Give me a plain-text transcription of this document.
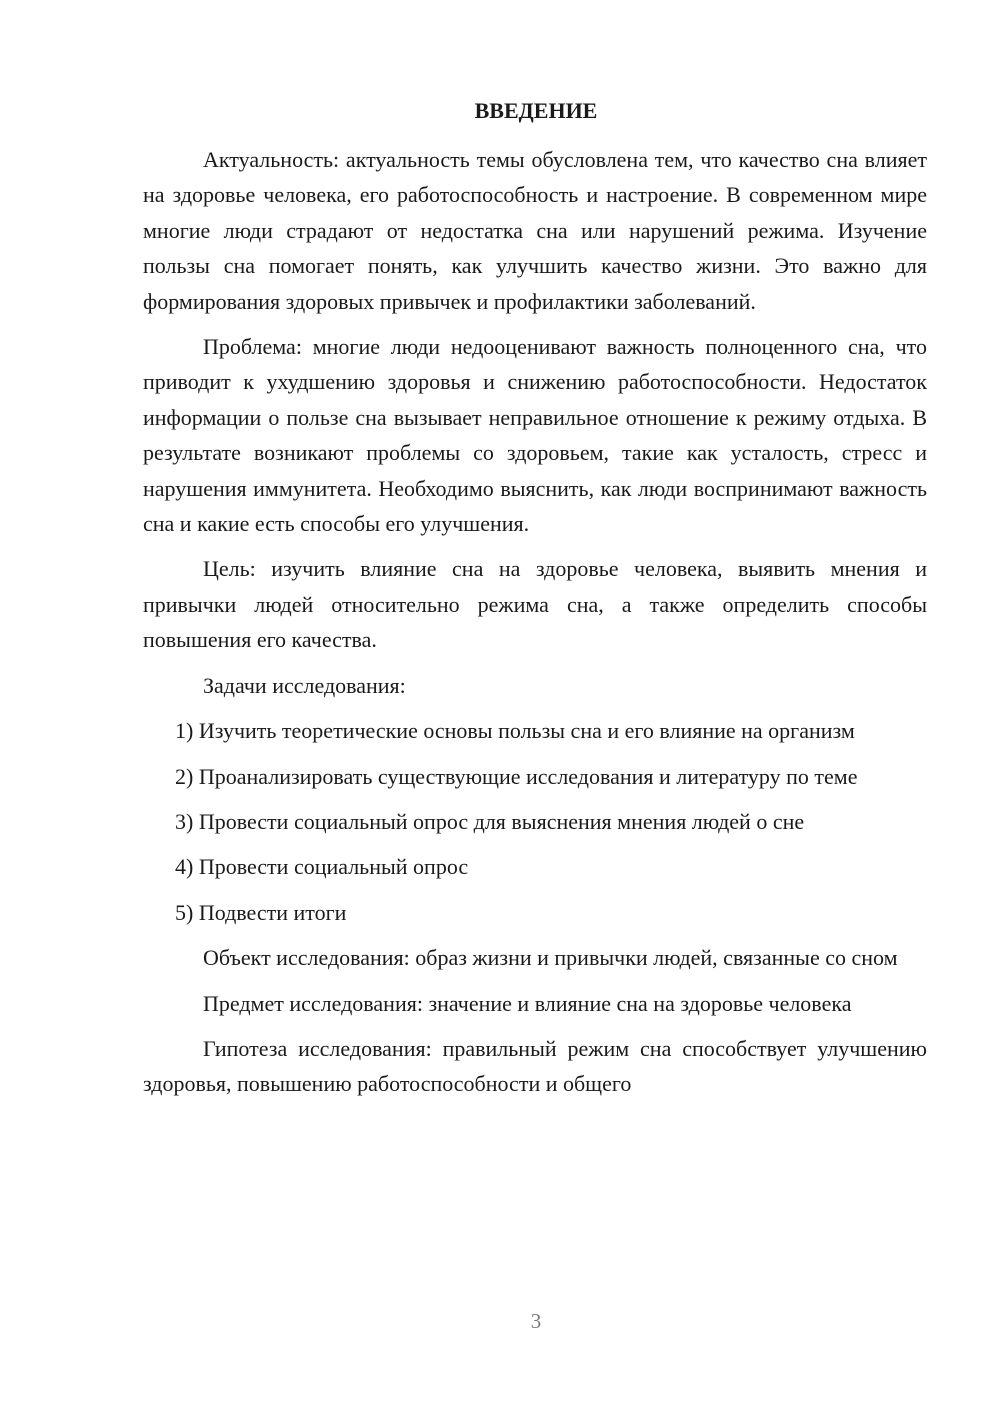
ВВЕДЕНИЕ

Актуальность: актуальность темы обусловлена тем, что качество сна влияет на здоровье человека, его работоспособность и настроение. В современном мире многие люди страдают от недостатка сна или нарушений режима. Изучение пользы сна помогает понять, как улучшить качество жизни. Это важно для формирования здоровых привычек и профилактики заболеваний.

Проблема: многие люди недооценивают важность полноценного сна, что приводит к ухудшению здоровья и снижению работоспособности. Недостаток информации о пользе сна вызывает неправильное отношение к режиму отдыха. В результате возникают проблемы со здоровьем, такие как усталость, стресс и нарушения иммунитета. Необходимо выяснить, как люди воспринимают важность сна и какие есть способы его улучшения.

Цель: изучить влияние сна на здоровье человека, выявить мнения и привычки людей относительно режима сна, а также определить способы повышения его качества.

Задачи исследования:

1) Изучить теоретические основы пользы сна и его влияние на организм

2) Проанализировать существующие исследования и литературу по теме

3) Провести социальный опрос для выяснения мнения людей о сне

4) Провести социальный опрос

5) Подвести итоги

Объект исследования: образ жизни и привычки людей, связанные со сном

Предмет исследования: значение и влияние сна на здоровье человека

Гипотеза исследования: правильный режим сна способствует улучшению здоровья, повышению работоспособности и общего

3
